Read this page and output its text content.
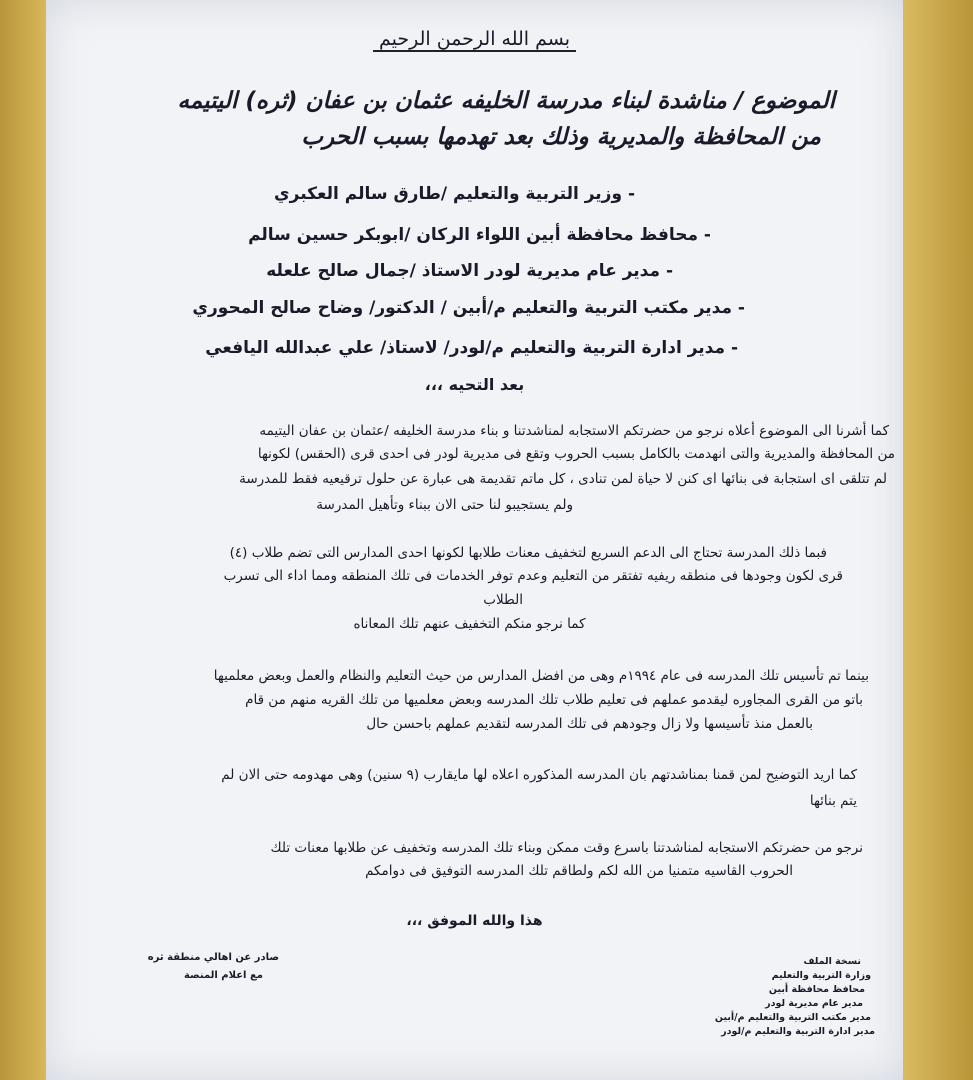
بسم الله الرحمن الرحيم
الموضوع / مناشدة لبناء مدرسة الخليفه عثمان بن عفان (ثره) اليتيمه
من المحافظة والمديرية وذلك بعد تهدمها بسبب الحرب
- وزير التربية والتعليم /طارق سالم العكبري
- محافظ محافظة أبين اللواء الركان /ابوبكر حسين سالم
- مدير عام مديرية لودر الاستاذ /جمال صالح علعله
- مدير مكتب التربية والتعليم م/أبين / الدكتور/ وضاح صالح المحوري
- مدير ادارة التربية والتعليم م/لودر/ لاستاذ/ علي عبدالله اليافعي
بعد التحيه ،،،
كما أشرنا الى الموضوع أعلاه نرجو من حضرتكم الاستجابه لمناشدتنا و بناء مدرسة الخليفه /عثمان بن عفان اليتيمه
من المحافظة والمديرية والتى انهدمت بالكامل بسبب الحروب وتقع فى مديرية لودر فى احدى قرى (الحقس) لكونها
لم تتلقى اى استجابة فى بنائها اى كنن لا حياة لمن تنادى ، كل ماتم تقديمة هى عبارة عن حلول ترقيعيه فقط للمدرسة
ولم يستجيبو لنا حتى الان ببناء وتأهيل المدرسة
فبما ذلك المدرسة تحتاج الى الدعم السريع لتخفيف معنات طلابها لكونها احدى المدارس التى تضم طلاب (٤)
قرى لكون وجودها فى منطقه ريفيه تفتقر من التعليم وعدم توفر الخدمات فى تلك المنطقه ومما اداء الى تسرب
الطلاب
كما نرجو منكم التخفيف عنهم تلك المعاناه
بينما تم تأسيس تلك المدرسه فى عام ١٩٩٤م وهى من افضل المدارس من حيث التعليم والنظام والعمل وبعض معلميها
باتو من القرى المجاوره ليقدمو عملهم فى تعليم طلاب تلك المدرسه وبعض معلميها من تلك القريه منهم من قام
بالعمل منذ تأسيسها ولا زال وجودهم فى تلك المدرسه لتقديم عملهم باحسن حال
كما اريد التوضيح لمن قمنا بمناشدتهم بان المدرسه المذكوره اعلاه لها مايقارب (٩ سنين) وهى مهدومه حتى الان لم
يتم بنائها
نرجو من حضرتكم الاستجابه لمناشدتنا باسرع وقت ممكن وبناء تلك المدرسه وتخفيف عن طلابها معنات تلك
الحروب القاسيه متمنيا من الله لكم ولطاقم تلك المدرسه التوفيق فى دوامكم
هذا والله الموفق ،،،
نسخة الملف
وزارة التربية والتعليم
محافظ محافظة أبين
مدير عام مديرية لودر
مدير مكتب التربية والتعليم م/أبين
مدير ادارة التربية والتعليم م/لودر
صادر عن اهالي منطقة ثره
مع اعلام المنصة
